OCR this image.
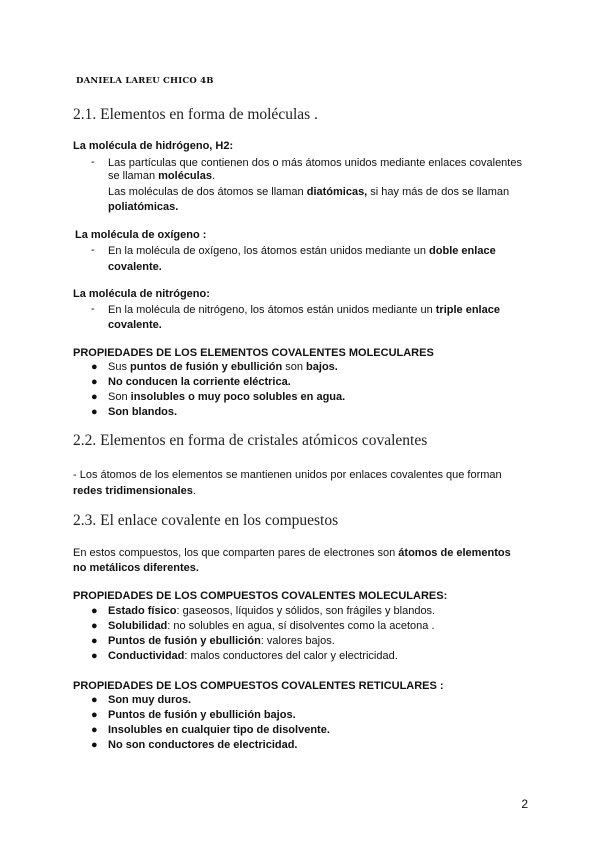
DANIELA LAREU CHICO 4B
2.1. Elementos en forma de moléculas .
La molécula de hidrógeno, H2:
- Las partículas que contienen dos o más átomos unidos mediante enlaces covalentes
se llaman moléculas.
Las moléculas de dos átomos se llaman diatómicas, si hay más de dos se llaman
poliatómicas.
La molécula de oxígeno :
- En la molécula de oxígeno, los átomos están unidos mediante un doble enlace
covalente.
La molécula de nitrógeno:
- En la molécula de nitrógeno, los átomos están unidos mediante un triple enlace
covalente.
PROPIEDADES DE LOS ELEMENTOS COVALENTES MOLECULARES
● Sus puntos de fusión y ebullición son bajos.
● No conducen la corriente eléctrica.
● Son insolubles o muy poco solubles en agua.
● Son blandos.
2.2. Elementos en forma de cristales atómicos covalentes
- Los átomos de los elementos se mantienen unidos por enlaces covalentes que forman
redes tridimensionales.
2.3. El enlace covalente en los compuestos
En estos compuestos, los que comparten pares de electrones son átomos de elementos
no metálicos diferentes.
PROPIEDADES DE LOS COMPUESTOS COVALENTES MOLECULARES:
● Estado físico: gaseosos, líquidos y sólidos, son frágiles y blandos.
● Solubilidad: no solubles en agua, sí disolventes como la acetona .
● Puntos de fusión y ebullición: valores bajos.
● Conductividad: malos conductores del calor y electricidad.
PROPIEDADES DE LOS COMPUESTOS COVALENTES RETICULARES :
● Son muy duros.
● Puntos de fusión y ebullición bajos.
● Insolubles en cualquier tipo de disolvente.
● No son conductores de electricidad.
2
